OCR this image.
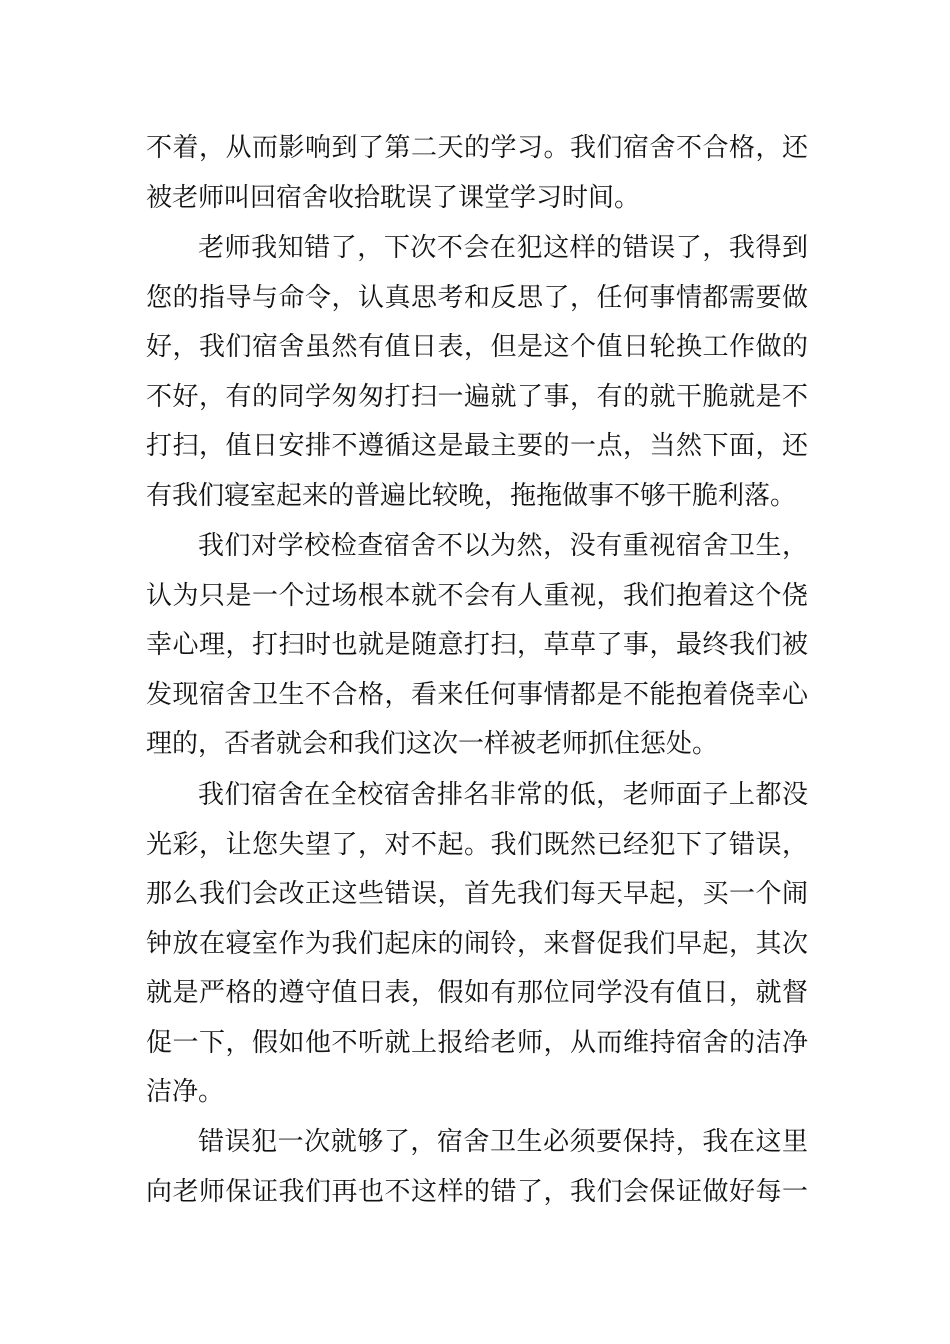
不着，从而影响到了第二天的学习。我们宿舍不合格，还
被老师叫回宿舍收拾耽误了课堂学习时间。
老师我知错了，下次不会在犯这样的错误了，我得到
您的指导与命令，认真思考和反思了，任何事情都需要做
好，我们宿舍虽然有值日表，但是这个值日轮换工作做的
不好，有的同学匆匆打扫一遍就了事，有的就干脆就是不
打扫，值日安排不遵循这是最主要的一点，当然下面，还
有我们寝室起来的普遍比较晚，拖拖做事不够干脆利落。
我们对学校检查宿舍不以为然，没有重视宿舍卫生，
认为只是一个过场根本就不会有人重视，我们抱着这个侥
幸心理，打扫时也就是随意打扫，草草了事，最终我们被
发现宿舍卫生不合格，看来任何事情都是不能抱着侥幸心
理的，否者就会和我们这次一样被老师抓住惩处。
我们宿舍在全校宿舍排名非常的低，老师面子上都没
光彩，让您失望了，对不起。我们既然已经犯下了错误，
那么我们会改正这些错误，首先我们每天早起，买一个闹
钟放在寝室作为我们起床的闹铃，来督促我们早起，其次
就是严格的遵守值日表，假如有那位同学没有值日，就督
促一下，假如他不听就上报给老师，从而维持宿舍的洁净
洁净。
错误犯一次就够了，宿舍卫生必须要保持，我在这里
向老师保证我们再也不这样的错了，我们会保证做好每一
